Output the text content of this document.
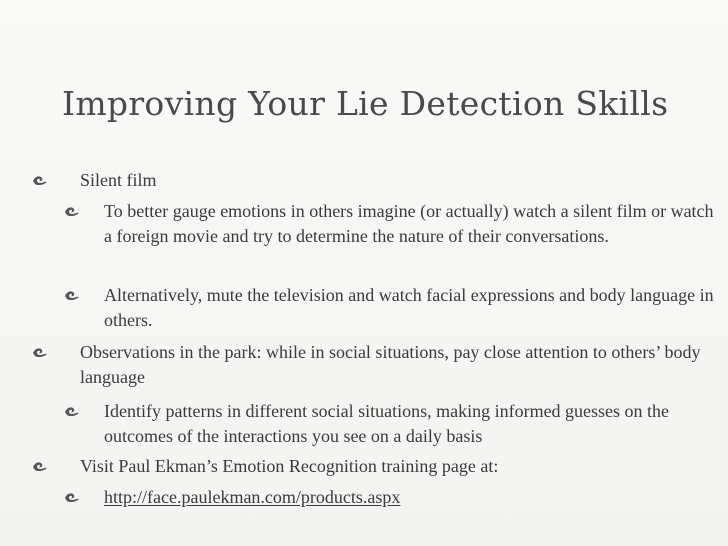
Improving Your Lie Detection Skills
Silent film
To better gauge emotions in others imagine (or actually) watch a silent film or watch a foreign movie and try to determine the nature of their conversations.
Alternatively, mute the television and watch facial expressions and body language in others.
Observations in the park: while in social situations, pay close attention to others’ body language
Identify patterns in different social situations, making informed guesses on the outcomes of the interactions you see on a daily basis
Visit Paul Ekman’s Emotion Recognition training page at:
http://face.paulekman.com/products.aspx
